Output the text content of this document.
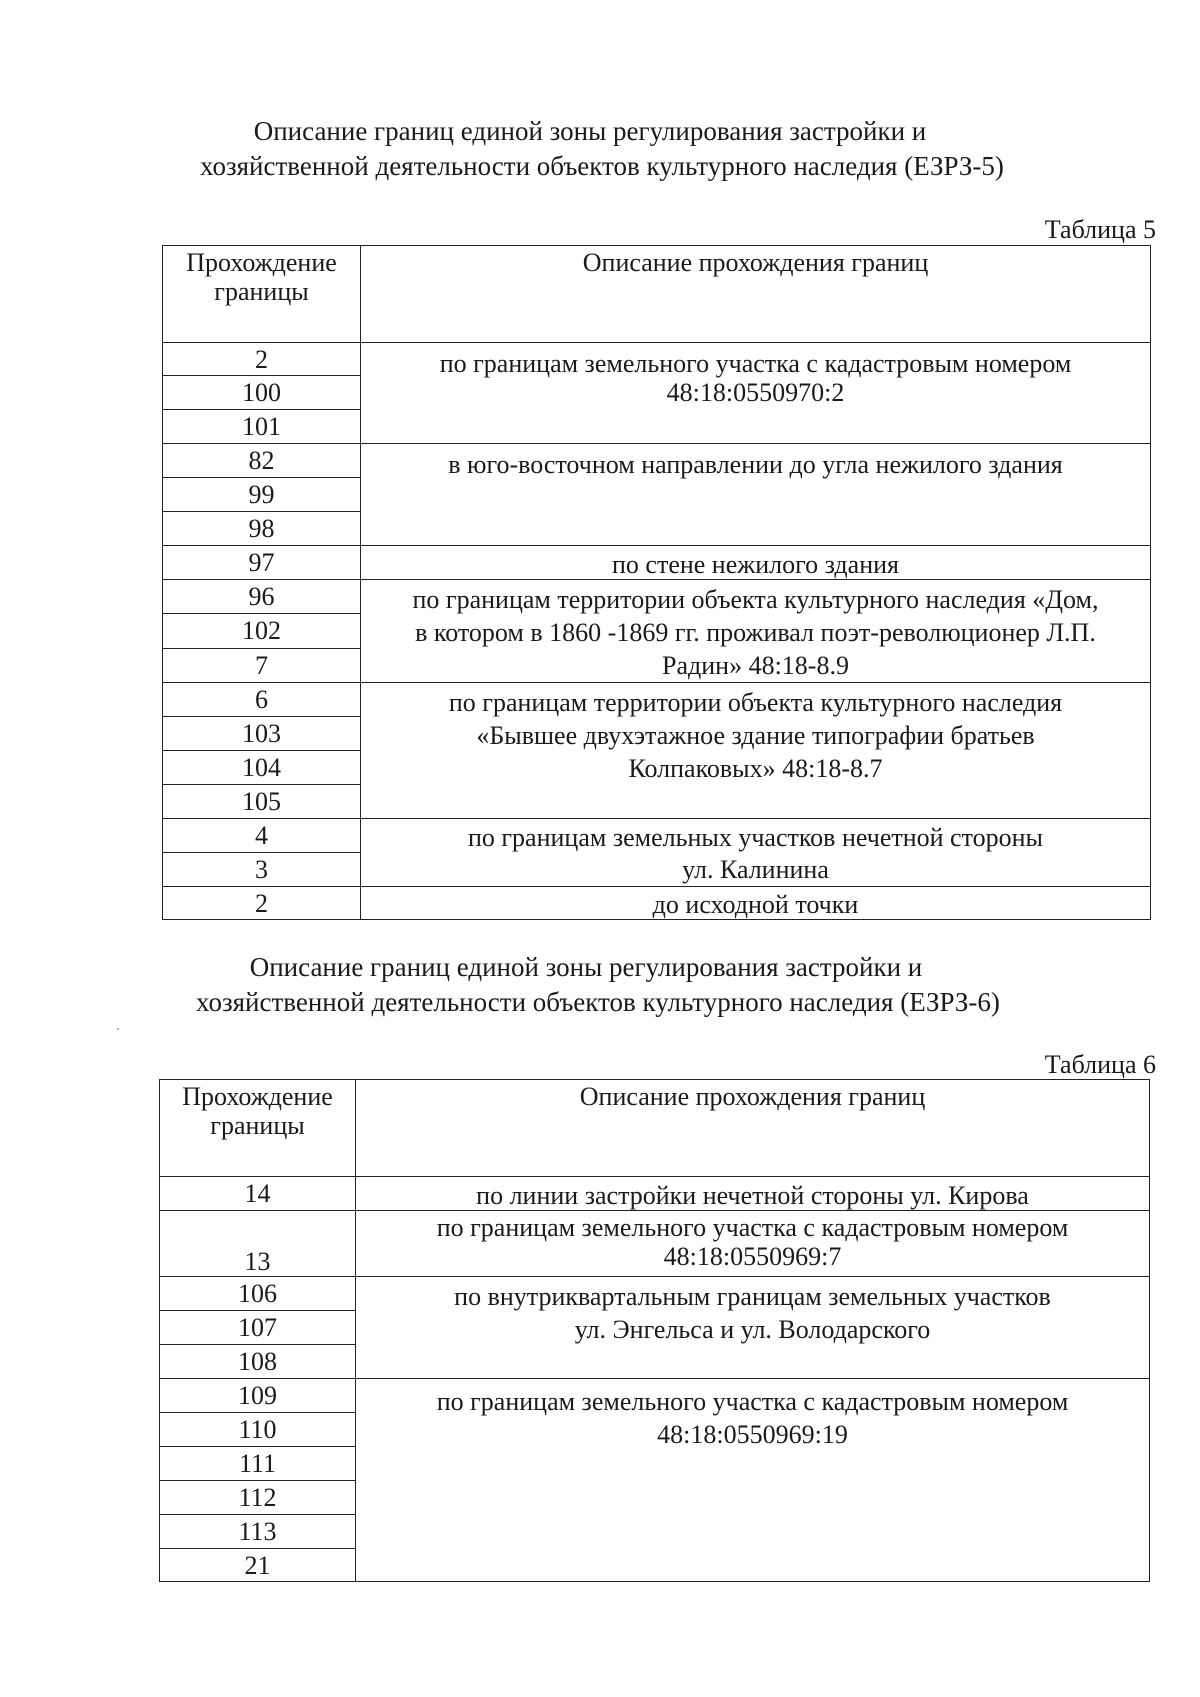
Описание границ единой зоны регулирования застройки и
хозяйственной деятельности объектов культурного наследия (ЕЗРЗ-5)
Таблица 5
Прохождение
границы	Описание прохождения границ

2	по границам земельного участка с кадастровым номером
48:18:0550970:2

100	
101	
82	в юго-восточном направлении до угла нежилого здания

99	
98	
97	по стене нежилого здания

96	по границам территории объекта культурного наследия «Дом,
в котором в 1860 -1869 гг. проживал поэт-революционер Л.П.
Радин» 48:18-8.9

102	
7	
6	по границам территории объекта культурного наследия
«Бывшее двухэтажное здание типографии братьев
Колпаковых» 48:18-8.7

103	
104	
105	
4	по границам земельных участков нечетной стороны
ул. Калинина

3	
2	до исходной точки
Описание границ единой зоны регулирования застройки и
хозяйственной деятельности объектов культурного наследия (ЕЗРЗ-6)
Таблица 6
Прохождение
границы	Описание прохождения границ

14	по линии застройки нечетной стороны ул. Кирова

13	по границам земельного участка с кадастровым номером
48:18:0550969:7

106	по внутриквартальным границам земельных участков
ул. Энгельса и ул. Володарского

107	
108	
109	по границам земельного участка с кадастровым номером
48:18:0550969:19

110	
111	
112	
113	
21	
